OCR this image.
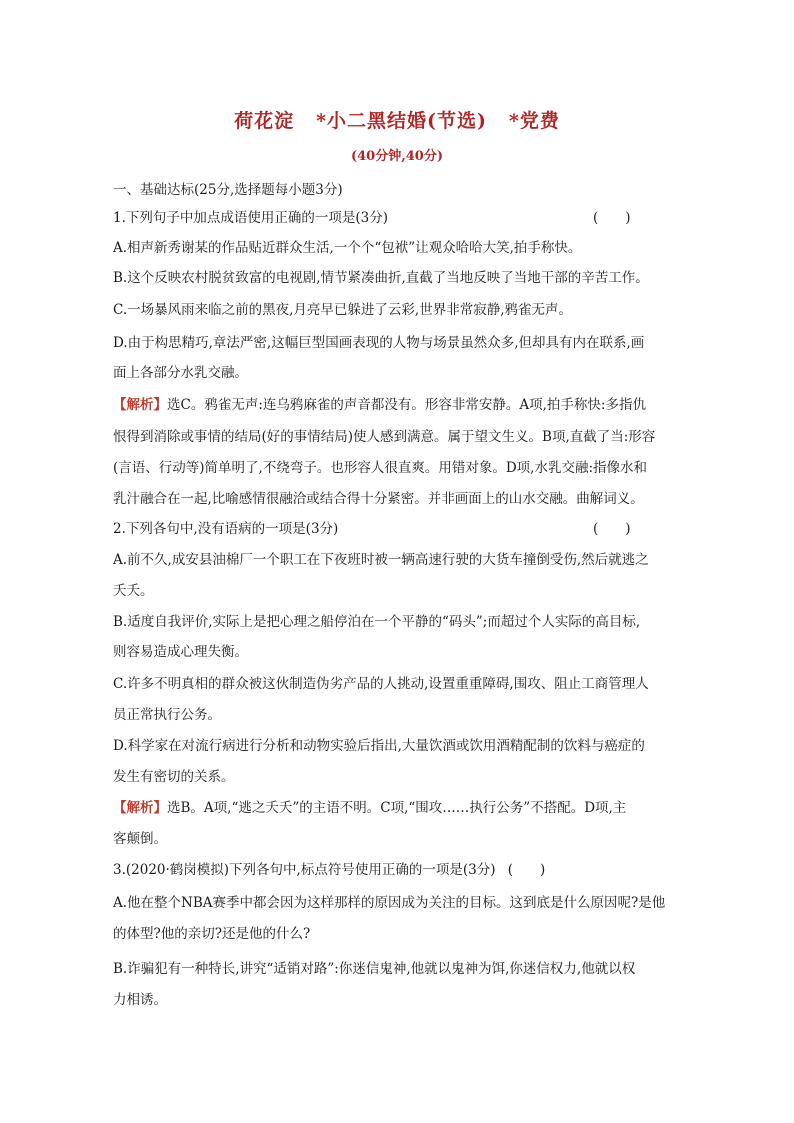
荷花淀 *小二黑结婚(节选) *党费
(40分钟,40分)
一、基础达标(25分,选择题每小题3分)
1.下列句子中加点成语使用正确的一项是(3分)	(　　)
A.相声新秀谢某的作品贴近群众生活,一个个“包袱”让观众哈哈大笑,拍手称快。
B.这个反映农村脱贫致富的电视剧,情节紧凑曲折,直截了当地反映了当地干部的辛苦工作。
C.一场暴风雨来临之前的黑夜,月亮早已躲进了云彩,世界非常寂静,鸦雀无声。
D.由于构思精巧,章法严密,这幅巨型国画表现的人物与场景虽然众多,但却具有内在联系,画
面上各部分水乳交融。
【解析】选C。鸦雀无声:连乌鸦麻雀的声音都没有。形容非常安静。A项,拍手称快:多指仇
恨得到消除或事情的结局(好的事情结局)使人感到满意。属于望文生义。B项,直截了当:形容
(言语、行动等)简单明了,不绕弯子。也形容人很直爽。用错对象。D项,水乳交融:指像水和
乳汁融合在一起,比喻感情很融洽或结合得十分紧密。并非画面上的山水交融。曲解词义。
2.下列各句中,没有语病的一项是(3分)	(　　)
A.前不久,成安县油棉厂一个职工在下夜班时被一辆高速行驶的大货车撞倒受伤,然后就逃之
夭夭。
B.适度自我评价,实际上是把心理之船停泊在一个平静的“码头”;而超过个人实际的高目标,
则容易造成心理失衡。
C.许多不明真相的群众被这伙制造伪劣产品的人挑动,设置重重障碍,围攻、阻止工商管理人
员正常执行公务。
D.科学家在对流行病进行分析和动物实验后指出,大量饮酒或饮用酒精配制的饮料与癌症的
发生有密切的关系。
【解析】选B。A项,“逃之夭夭”的主语不明。C项,“围攻……执行公务”不搭配。D项,主
客颠倒。
3.(2020·鹤岗模拟)下列各句中,标点符号使用正确的一项是(3分) (　　)
A.他在整个NBA赛季中都会因为这样那样的原因成为关注的目标。这到底是什么原因呢?是他
的体型?他的亲切?还是他的什么?
B.诈骗犯有一种特长,讲究“适销对路”:你迷信鬼神,他就以鬼神为饵,你迷信权力,他就以权
力相诱。
